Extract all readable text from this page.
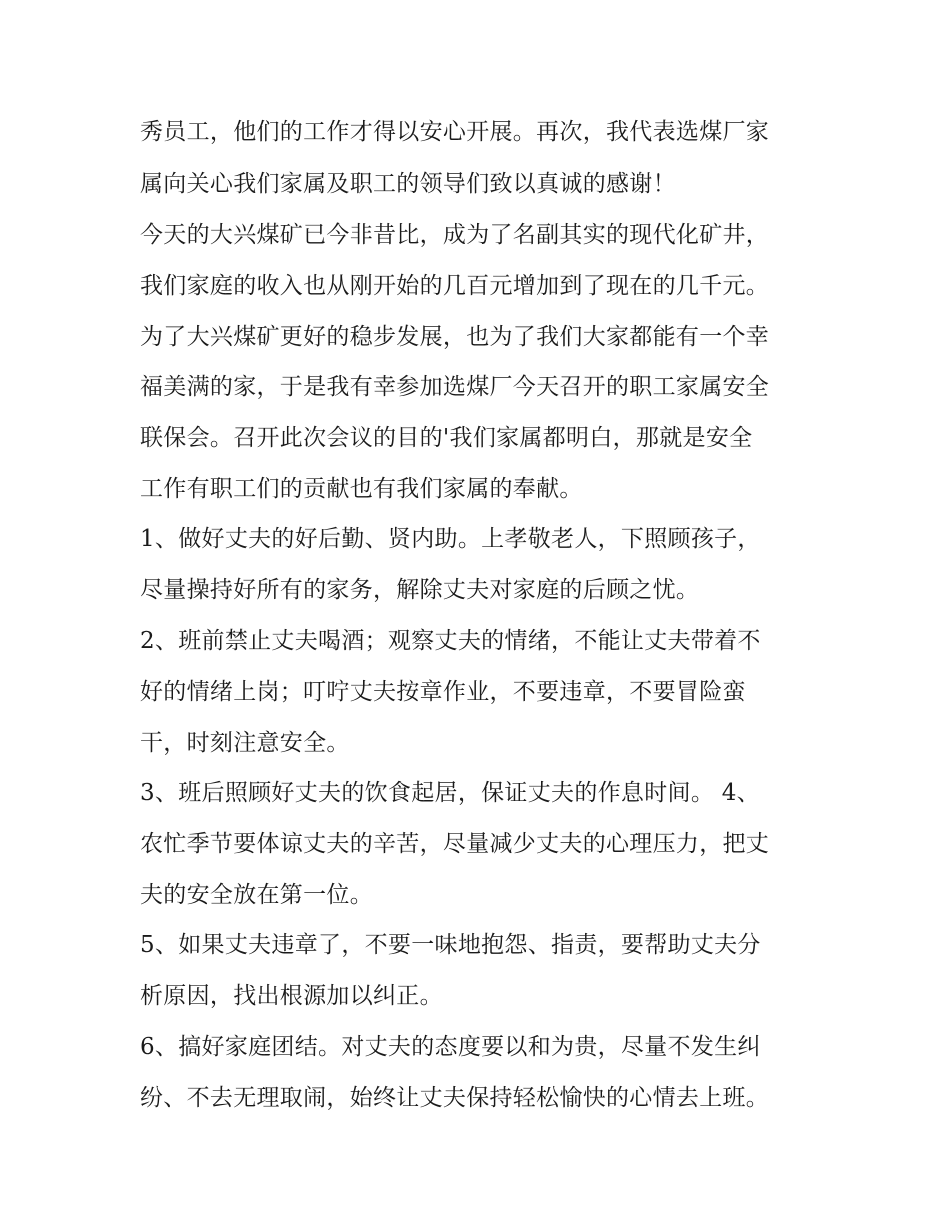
秀员工，他们的工作才得以安心开展。再次，我代表选煤厂家
属向关心我们家属及职工的领导们致以真诚的感谢！
今天的大兴煤矿已今非昔比，成为了名副其实的现代化矿井，
我们家庭的收入也从刚开始的几百元增加到了现在的几千元。
为了大兴煤矿更好的稳步发展，也为了我们大家都能有一个幸
福美满的家，于是我有幸参加选煤厂今天召开的职工家属安全
联保会。召开此次会议的目的'我们家属都明白，那就是安全
工作有职工们的贡献也有我们家属的奉献。
1、做好丈夫的好后勤、贤内助。上孝敬老人，下照顾孩子，
尽量操持好所有的家务，解除丈夫对家庭的后顾之忧。
2、班前禁止丈夫喝酒；观察丈夫的情绪，不能让丈夫带着不
好的情绪上岗；叮咛丈夫按章作业，不要违章，不要冒险蛮
干，时刻注意安全。
3、班后照顾好丈夫的饮食起居，保证丈夫的作息时间。 4、
农忙季节要体谅丈夫的辛苦，尽量减少丈夫的心理压力，把丈
夫的安全放在第一位。
5、如果丈夫违章了，不要一味地抱怨、指责，要帮助丈夫分
析原因，找出根源加以纠正。
6、搞好家庭团结。对丈夫的态度要以和为贵，尽量不发生纠
纷、不去无理取闹，始终让丈夫保持轻松愉快的心情去上班。
